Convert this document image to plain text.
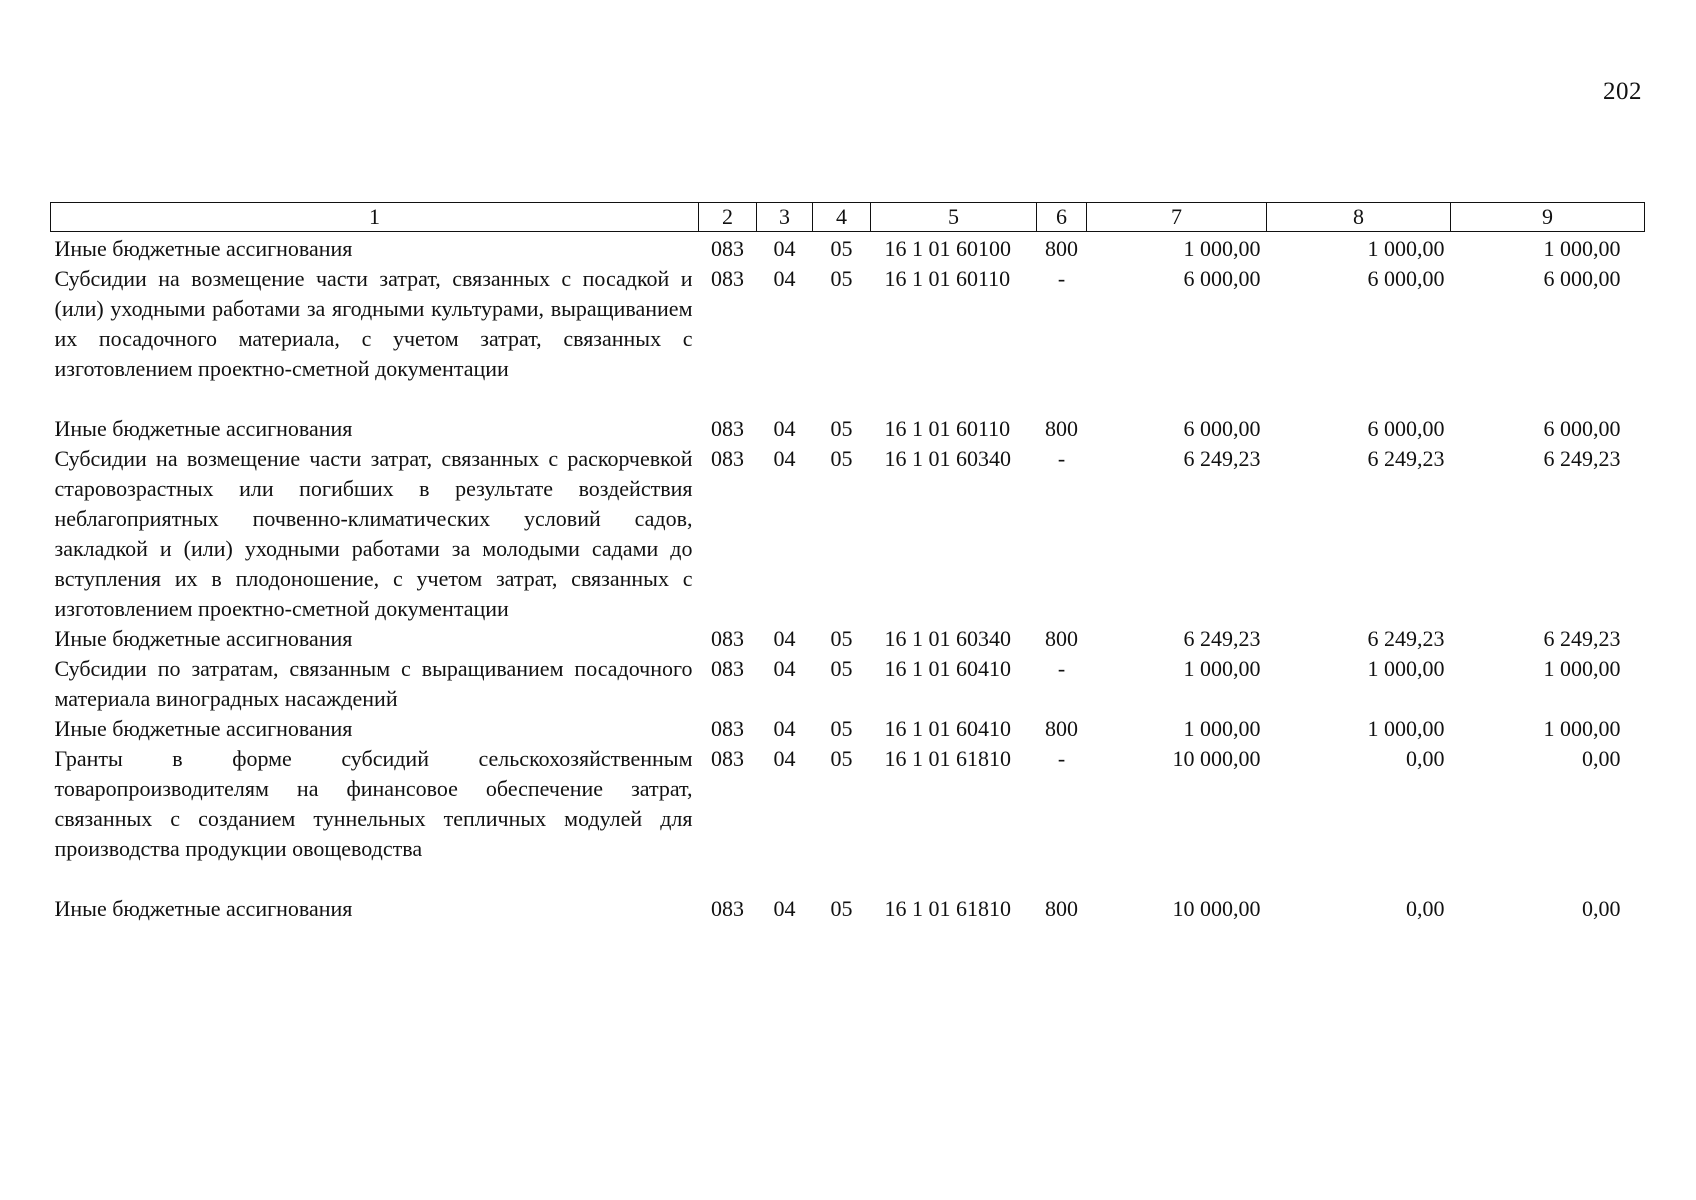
202
1	2	3	4	5	6	7	8	9
Иные бюджетные ассигнования	083	04	05	16 1 01 60100	800	1 000,00	1 000,00	1 000,00
Субсидии на возмещение части затрат, связанных с посадкой и (или) уходными работами за ягодными культурами, выращиванием их посадочного материала, с учетом затрат, связанных с изготовлением проектно-сметной документации	083	04	05	16 1 01 60110	-	6 000,00	6 000,00	6 000,00
Иные бюджетные ассигнования	083	04	05	16 1 01 60110	800	6 000,00	6 000,00	6 000,00
Субсидии на возмещение части затрат, связанных с раскорчевкой старовозрастных или погибших в результате воздействия неблагоприятных почвенно-климатических условий садов, закладкой и (или) уходными работами за молодыми садами до вступления их в плодоношение, с учетом затрат, связанных с изготовлением проектно-сметной документации	083	04	05	16 1 01 60340	-	6 249,23	6 249,23	6 249,23
Иные бюджетные ассигнования	083	04	05	16 1 01 60340	800	6 249,23	6 249,23	6 249,23
Субсидии по затратам, связанным с выращиванием посадочного материала виноградных насаждений	083	04	05	16 1 01 60410	-	1 000,00	1 000,00	1 000,00
Иные бюджетные ассигнования	083	04	05	16 1 01 60410	800	1 000,00	1 000,00	1 000,00
Гранты в форме субсидий сельскохозяйственным товаропроизводителям на финансовое обеспечение затрат, связанных с созданием туннельных тепличных модулей для производства продукции овощеводства	083	04	05	16 1 01 61810	-	10 000,00	0,00	0,00
Иные бюджетные ассигнования	083	04	05	16 1 01 61810	800	10 000,00	0,00	0,00
